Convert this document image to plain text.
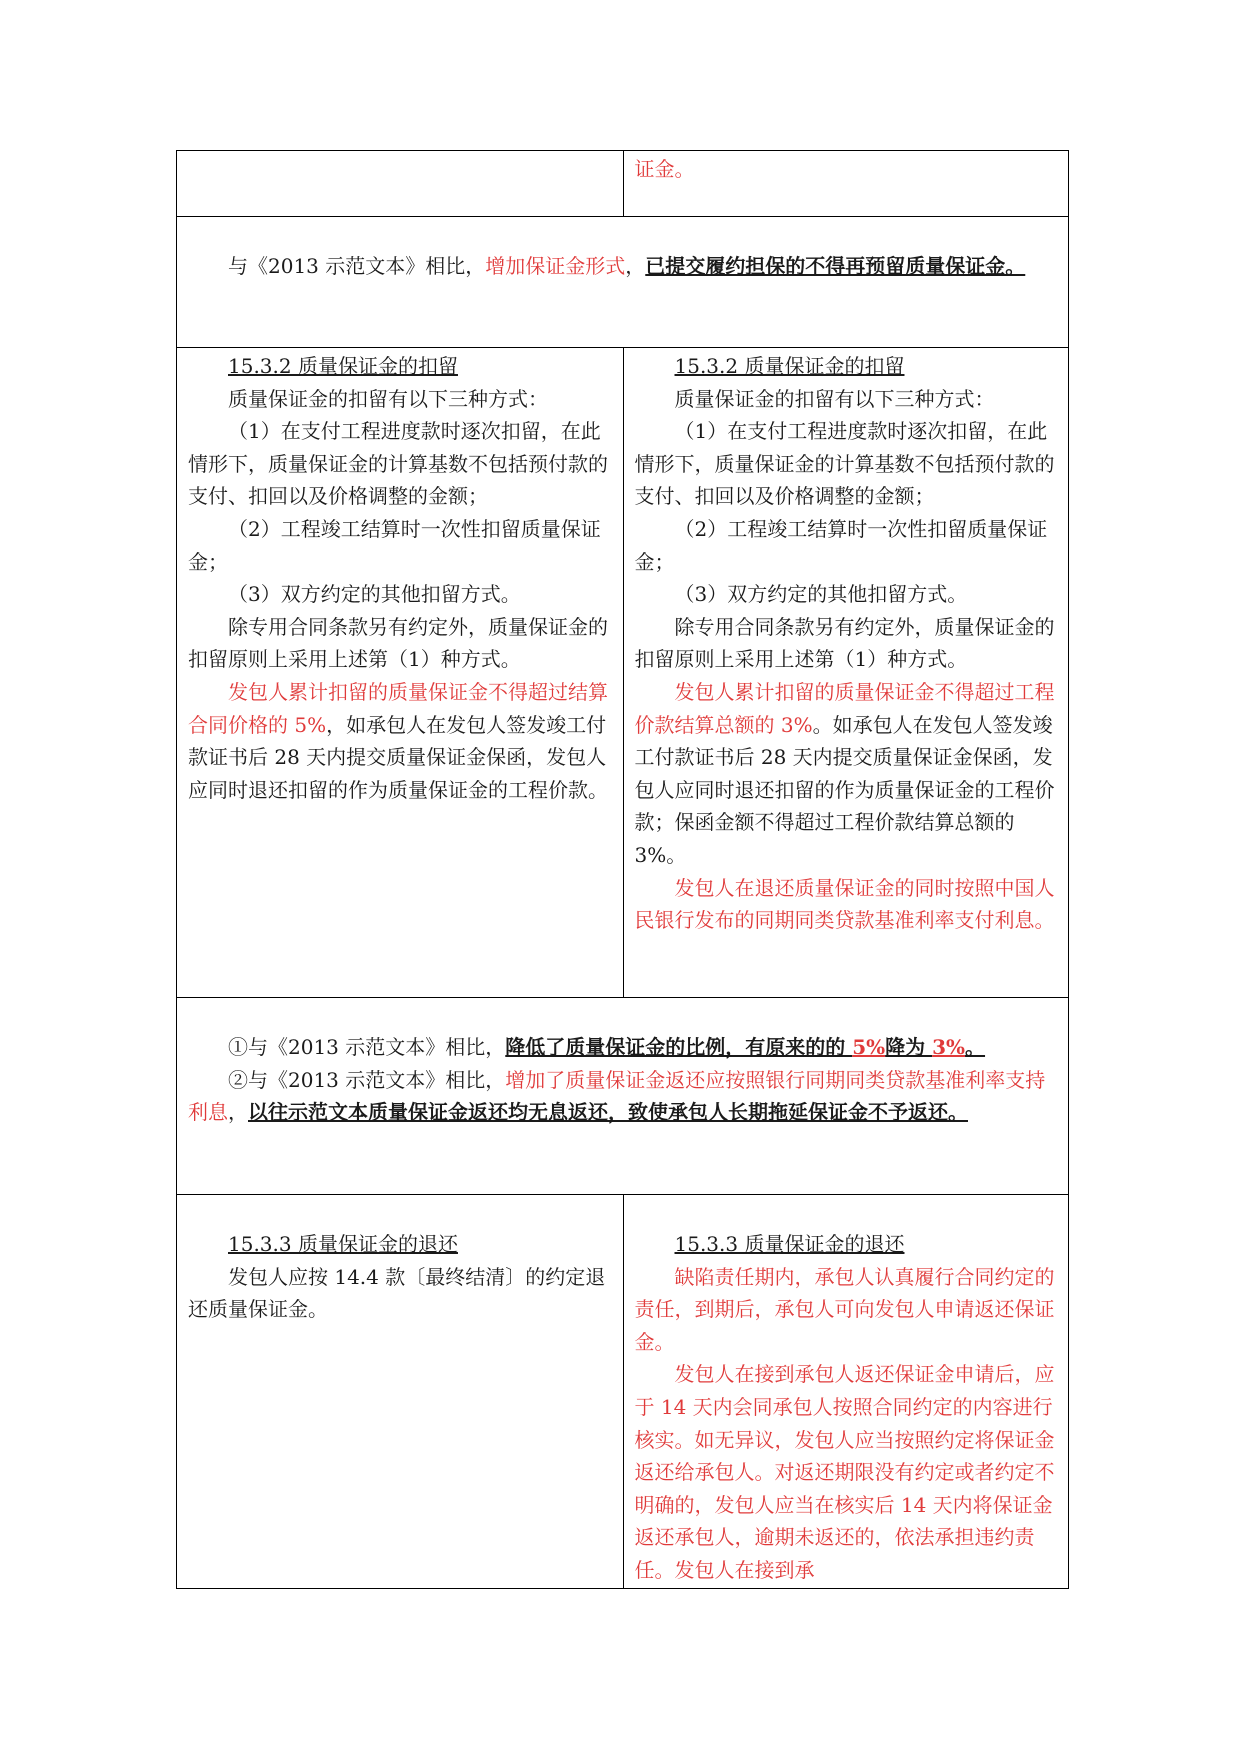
证金。
与《2013 示范文本》相比，增加保证金形式，已提交履约担保的不得再预留质量保证金。
15.3.2 质量保证金的扣留
质量保证金的扣留有以下三种方式：
（1）在支付工程进度款时逐次扣留，在此情形下，质量保证金的计算基数不包括预付款的支付、扣回以及价格调整的金额；
（2）工程竣工结算时一次性扣留质量保证金；
（3）双方约定的其他扣留方式。
除专用合同条款另有约定外，质量保证金的扣留原则上采用上述第（1）种方式。
发包人累计扣留的质量保证金不得超过结算合同价格的 5%，如承包人在发包人签发竣工付款证书后 28 天内提交质量保证金保函，发包人应同时退还扣留的作为质量保证金的工程价款。
15.3.2 质量保证金的扣留
质量保证金的扣留有以下三种方式：
（1）在支付工程进度款时逐次扣留，在此情形下，质量保证金的计算基数不包括预付款的支付、扣回以及价格调整的金额；
（2）工程竣工结算时一次性扣留质量保证金；
（3）双方约定的其他扣留方式。
除专用合同条款另有约定外，质量保证金的扣留原则上采用上述第（1）种方式。
发包人累计扣留的质量保证金不得超过工程价款结算总额的 3%。如承包人在发包人签发竣工付款证书后 28 天内提交质量保证金保函，发包人应同时退还扣留的作为质量保证金的工程价款；保函金额不得超过工程价款结算总额的 3%。
发包人在退还质量保证金的同时按照中国人民银行发布的同期同类贷款基准利率支付利息。
①与《2013 示范文本》相比，降低了质量保证金的比例，有原来的的 5%降为 3%。
②与《2013 示范文本》相比，增加了质量保证金返还应按照银行同期同类贷款基准利率支持利息，以往示范文本质量保证金返还均无息返还，致使承包人长期拖延保证金不予返还。
15.3.3 质量保证金的退还
发包人应按 14.4 款〔最终结清〕的约定退还质量保证金。
15.3.3 质量保证金的退还
缺陷责任期内，承包人认真履行合同约定的责任，到期后，承包人可向发包人申请返还保证金。
发包人在接到承包人返还保证金申请后，应于 14 天内会同承包人按照合同约定的内容进行核实。如无异议，发包人应当按照约定将保证金返还给承包人。对返还期限没有约定或者约定不明确的，发包人应当在核实后 14 天内将保证金返还承包人，逾期未返还的，依法承担违约责任。发包人在接到承
